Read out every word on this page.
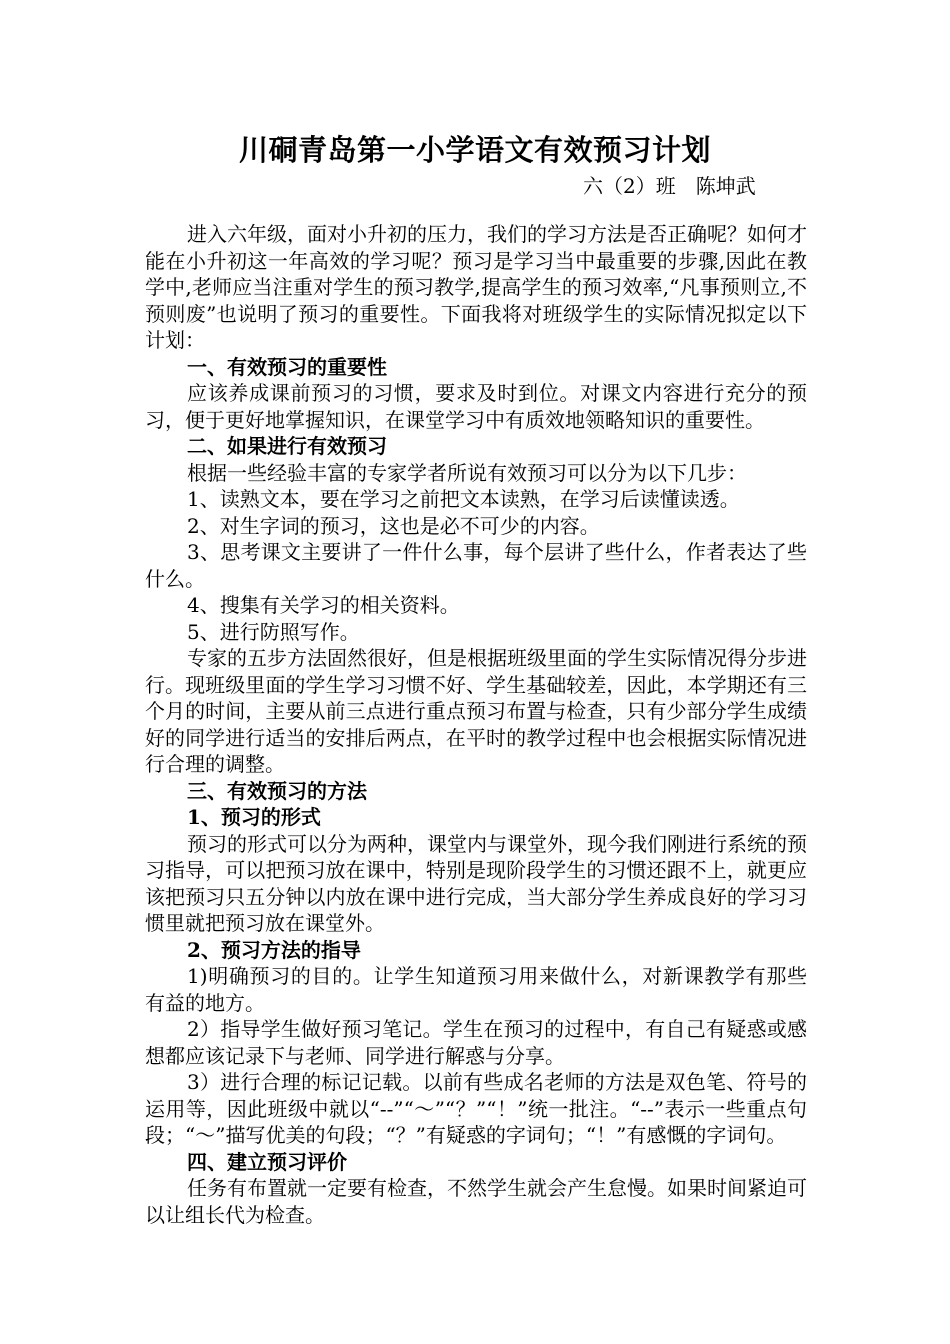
川硐青岛第一小学语文有效预习计划
六（2）班　陈坤武

进入六年级，面对小升初的压力，我们的学习方法是否正确呢？如何才能在小升初这一年高效的学习呢？预习是学习当中最重要的步骤,因此在教学中,老师应当注重对学生的预习教学,提高学生的预习效率,“凡事预则立,不预则废”也说明了预习的重要性。下面我将对班级学生的实际情况拟定以下计划：

一、有效预习的重要性

应该养成课前预习的习惯，要求及时到位。对课文内容进行充分的预习，便于更好地掌握知识，在课堂学习中有质效地领略知识的重要性。

二、如果进行有效预习

根据一些经验丰富的专家学者所说有效预习可以分为以下几步：

1、读熟文本，要在学习之前把文本读熟，在学习后读懂读透。

2、对生字词的预习，这也是必不可少的内容。

3、思考课文主要讲了一件什么事，每个层讲了些什么，作者表达了些什么。

4、搜集有关学习的相关资料。

5、进行防照写作。

专家的五步方法固然很好，但是根据班级里面的学生实际情况得分步进行。现班级里面的学生学习习惯不好、学生基础较差，因此，本学期还有三个月的时间，主要从前三点进行重点预习布置与检查，只有少部分学生成绩好的同学进行适当的安排后两点，在平时的教学过程中也会根据实际情况进行合理的调整。

三、有效预习的方法

1、预习的形式

预习的形式可以分为两种，课堂内与课堂外，现今我们刚进行系统的预习指导，可以把预习放在课中，特别是现阶段学生的习惯还跟不上，就更应该把预习只五分钟以内放在课中进行完成，当大部分学生养成良好的学习习惯里就把预习放在课堂外。

2、预习方法的指导

1)明确预习的目的。让学生知道预习用来做什么，对新课教学有那些有益的地方。

2）指导学生做好预习笔记。学生在预习的过程中，有自己有疑惑或感想都应该记录下与老师、同学进行解惑与分享。

3）进行合理的标记记载。以前有些成名老师的方法是双色笔、符号的运用等，因此班级中就以“--”“～”“？”“！”统一批注。“--”表示一些重点句段；“～”描写优美的句段；“？”有疑惑的字词句；“！”有感慨的字词句。

四、建立预习评价

任务有布置就一定要有检查，不然学生就会产生怠慢。如果时间紧迫可以让组长代为检查。
